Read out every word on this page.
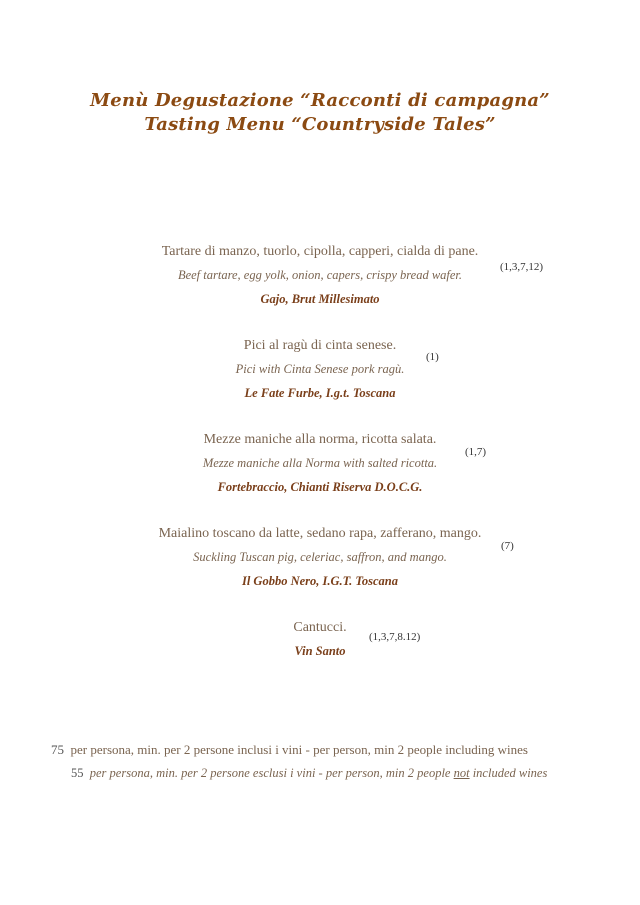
Menù Degustazione “Racconti di campagna”
Tasting Menu “Countryside Tales”
Tartare di manzo, tuorlo, cipolla, capperi, cialda di pane.
Beef tartare, egg yolk, onion, capers, crispy bread wafer.
Gajo, Brut Millesimato
(1,3,7,12)
Pici al ragù di cinta senese.
Pici with Cinta Senese pork ragù.
Le Fate Furbe, I.g.t. Toscana
(1)
Mezze maniche alla norma, ricotta salata.
Mezze maniche alla Norma with salted ricotta.
Fortebraccio, Chianti Riserva D.O.C.G.
(1,7)
Maialino toscano da latte, sedano rapa, zafferano, mango.
Suckling Tuscan pig, celeriac, saffron, and mango.
Il Gobbo Nero, I.G.T. Toscana
(7)
Cantucci.
Vin Santo
(1,3,7,8.12)
75 per persona, min. per 2 persone inclusi i vini - per person, min 2 people including wines
55 per persona, min. per 2 persone esclusi i vini - per person, min 2 people not included wines
